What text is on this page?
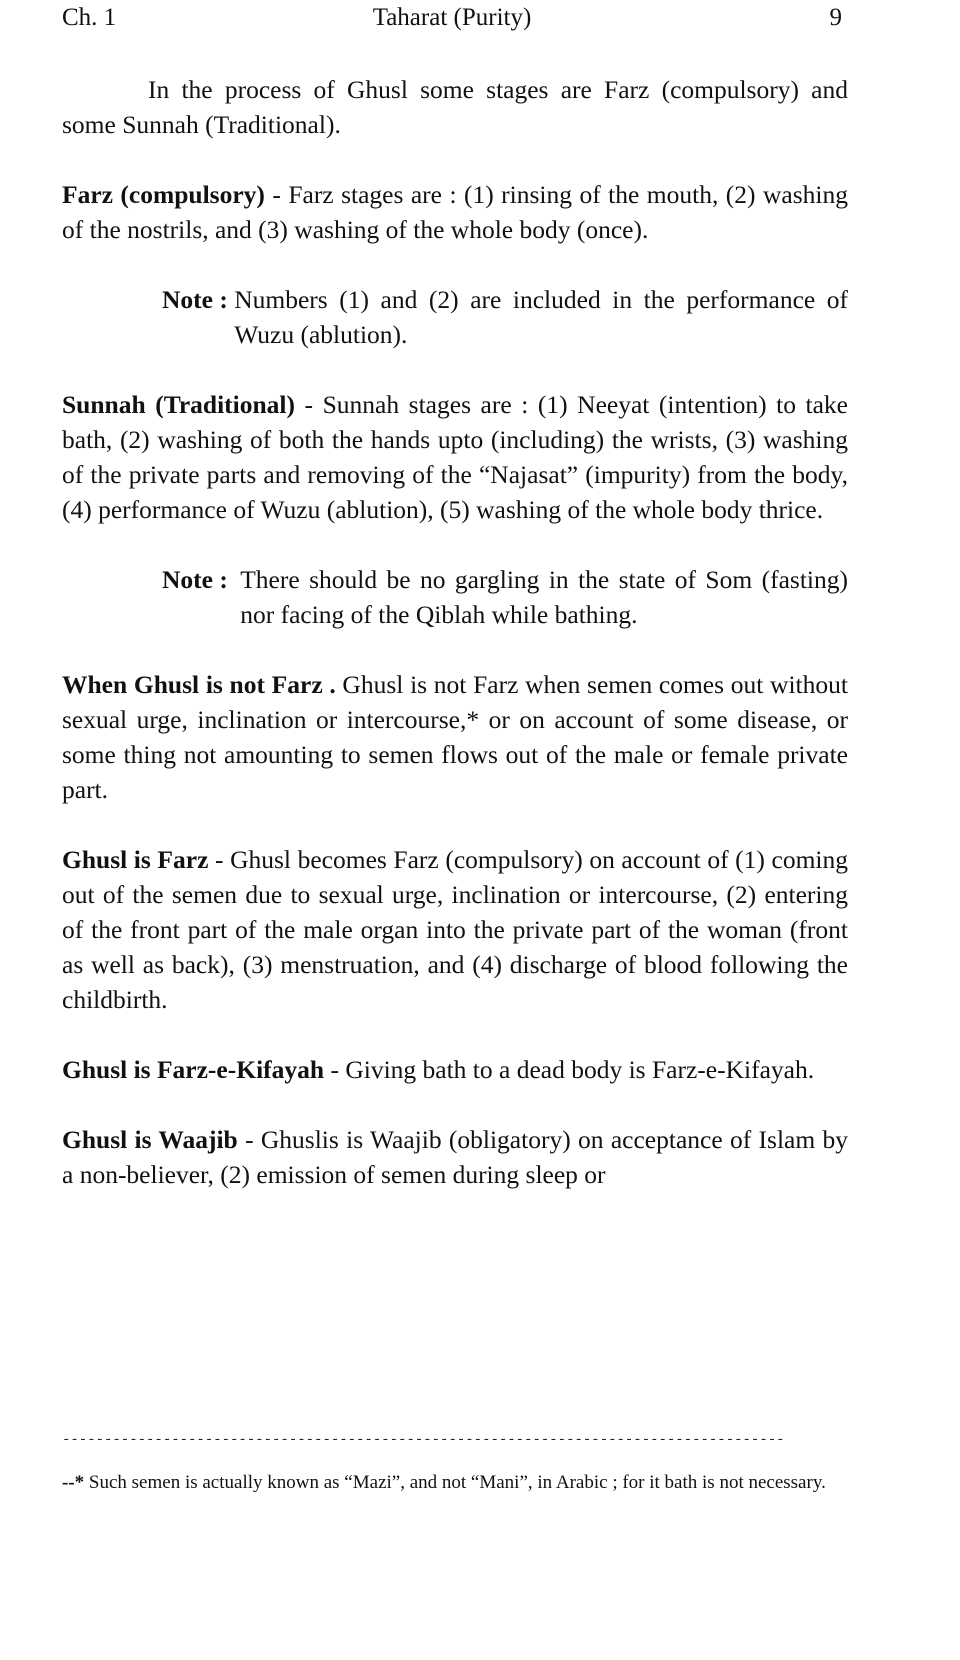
Ch. 1	Taharat (Purity)	9

In the process of Ghusl some stages are Farz (compulsory) and some Sunnah (Traditional).

Farz (compulsory) - Farz stages are : (1) rinsing of the mouth, (2) washing of the nostrils, and (3) washing of the whole body (once).

Note : Numbers (1) and (2) are included in the performance of Wuzu (ablution).

Sunnah (Traditional) - Sunnah stages are : (1) Neeyat (intention) to take bath, (2) washing of both the hands upto (including) the wrists, (3) washing of the private parts and removing of the “Najasat” (impurity) from the body, (4) performance of Wuzu (ablution), (5) washing of the whole body thrice.

Note : There should be no gargling in the state of Som (fasting) nor facing of the Qiblah while bathing.

When Ghusl is not Farz . Ghusl is not Farz when semen comes out without sexual urge, inclination or intercourse,* or on account of some disease, or some thing not amounting to semen flows out of the male or female private part.

Ghusl is Farz - Ghusl becomes Farz (compulsory) on account of (1) coming out of the semen due to sexual urge, inclination or intercourse, (2) entering of the front part of the male organ into the private part of the woman (front as well as back), (3) menstruation, and (4) discharge of blood following the childbirth.

Ghusl is Farz-e-Kifayah - Giving bath to a dead body is Farz-e-Kifayah.

Ghusl is Waajib - Ghuslis is Waajib (obligatory) on acceptance of Islam by a non-believer, (2) emission of semen during sleep or

--------------------------------------------------------------------------------------
--* Such semen is actually known as “Mazi”, and not “Mani”, in Arabic ; for it bath is not necessary.
